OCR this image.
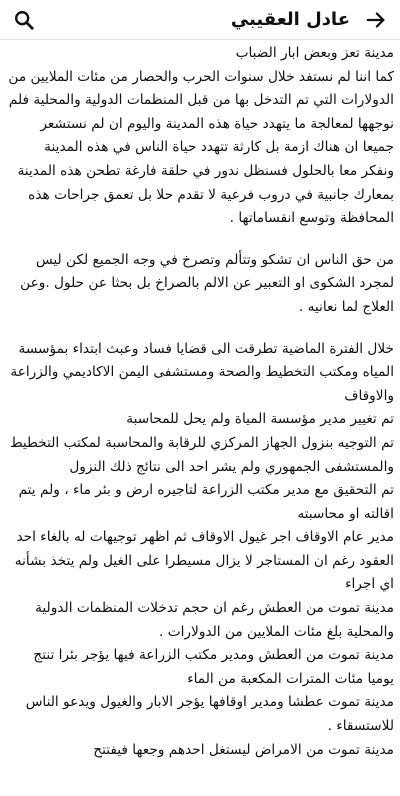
عادل العقيبي

مدينة تعز وبعض ابار الضباب
كما اننا لم نستفد خلال سنوات الحرب والحصار من مئات الملايين من الدولارات التي تم التدخل بها من قبل المنظمات الدولية والمحلية فلم نوجهها لمعالجة ما يتهدد حياة هذه المدينة واليوم ان لم نستشعر جميعا ان هناك ازمة بل كارثة تتهدد حياة الناس في هذه المدينة ونفكر معا بالحلول فسنظل ندور في حلقة فارغة تطحن هذه المدينة بمعارك جانبية في دروب فرعية لا تقدم حلا بل تعمق جراحات هذه المحافظة وتوسع انقساماتها .

من حق الناس ان تشكو وتتألم وتصرخ في وجه الجميع لكن ليس لمجرد الشكوى او التعبير عن الالم بالصراخ بل بحثا عن حلول .وعن العلاج لما نعانيه .

خلال الفترة الماضية تطرقت الى قضايا فساد وعبث ابتداء بمؤسسة المياه ومكتب التخطيط والصحة ومستشفى اليمن الاكاديمي والزراعة والاوقاف
تم تغيير مدير مؤسسة المياة ولم يحل للمحاسبة
تم التوجيه بنزول الجهاز المركزي للرقابة والمحاسبة لمكتب التخطيط والمستشفى الجمهوري ولم يشر احد الى نتائج ذلك النزول
تم التحقيق مع مدير مكتب الزراعة لتاجيره ارض و بئر ماء ، ولم يتم اقالته او محاسبته
مدير عام الاوقاف اجر غيول الاوقاف ثم اظهر توجيهات له بالغاء احد العقود رغم ان المستاجر لا يزال مسيطرا على الغيل ولم يتخذ بشأنه اي اجراء
مدينة تموت من العطش رغم ان حجم تدخلات المنظمات الدولية والمحلية بلغ مئات الملايين من الدولارات .
مدينة تموت من العطش ومدير مكتب الزراعة فيها يؤجر بئرا تنتج يوميا مئات المترات المكعبة من الماء
مدينة تموت عطشا ومدير اوقافها يؤجر الابار والغيول ويدعو الناس للاستسقاء .
مدينة تموت من الامراض ليستغل احدهم وجعها فيفتتح
